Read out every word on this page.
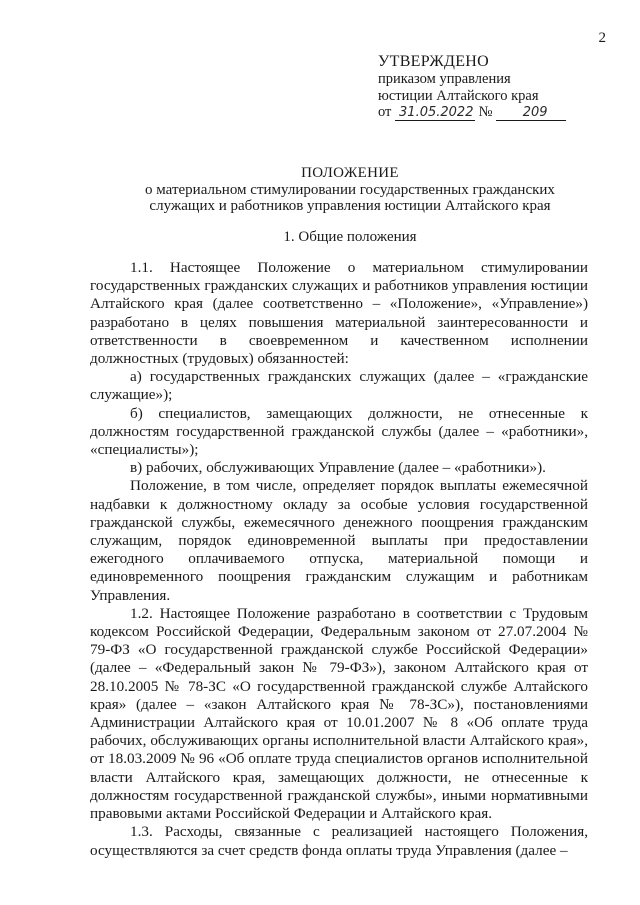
2
УТВЕРЖДЕНО
приказом управления
юстиции Алтайского края
от 31.05.2022 № 209
ПОЛОЖЕНИЕ
о материальном стимулировании государственных гражданских
служащих и работников управления юстиции Алтайского края
1. Общие положения

1.1. Настоящее Положение о материальном стимулировании государственных гражданских служащих и работников управления юстиции Алтайского края (далее соответственно – «Положение», «Управление») разработано в целях повышения материальной заинтересованности и ответственности в своевременном и качественном исполнении должностных (трудовых) обязанностей:

а) государственных гражданских служащих (далее – «гражданские служащие»);

б) специалистов, замещающих должности, не отнесенные к должностям государственной гражданской службы (далее – «работники», «специалисты»);

в) рабочих, обслуживающих Управление (далее – «работники»).

Положение, в том числе, определяет порядок выплаты ежемесячной надбавки к должностному окладу за особые условия государственной гражданской службы, ежемесячного денежного поощрения гражданским служащим, порядок единовременной выплаты при предоставлении ежегодного оплачиваемого отпуска, материальной помощи и единовременного поощрения гражданским служащим и работникам Управления.

1.2. Настоящее Положение разработано в соответствии с Трудовым кодексом Российской Федерации, Федеральным законом от 27.07.2004 № 79-ФЗ «О государственной гражданской службе Российской Федерации» (далее – «Федеральный закон № 79-ФЗ»), законом Алтайского края от 28.10.2005 № 78-ЗС «О государственной гражданской службе Алтайского края» (далее – «закон Алтайского края № 78-ЗС»), постановлениями Администрации Алтайского края от 10.01.2007 № 8 «Об оплате труда рабочих, обслуживающих органы исполнительной власти Алтайского края», от 18.03.2009 № 96 «Об оплате труда специалистов органов исполнительной власти Алтайского края, замещающих должности, не отнесенные к должностям государственной гражданской службы», иными нормативными правовыми актами Российской Федерации и Алтайского края.

1.3. Расходы, связанные с реализацией настоящего Положения, осуществляются за счет средств фонда оплаты труда Управления (далее –
